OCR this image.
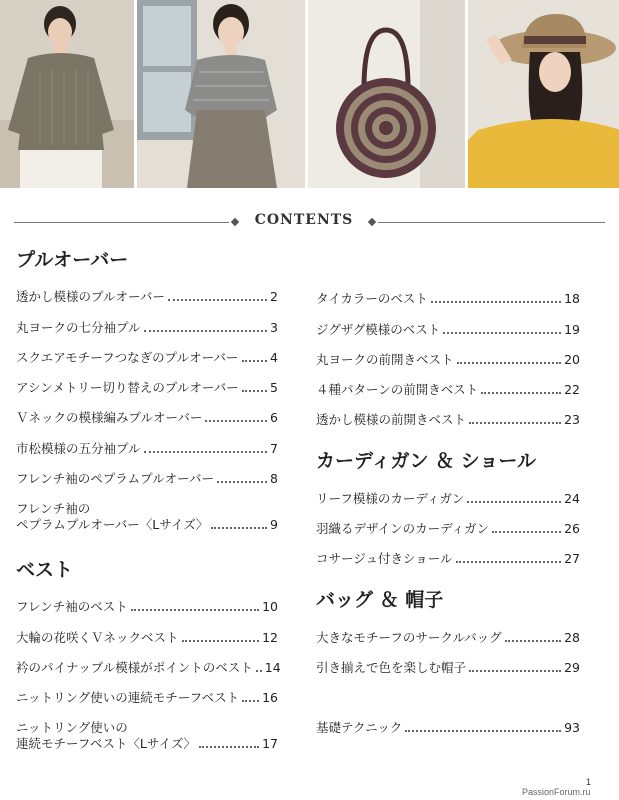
CONTENTS
プルオーバー
透かし模様のプルオーバー	2
丸ヨークの七分袖プル	3
スクエアモチーフつなぎのプルオーバー	4
アシンメトリー切り替えのプルオーバー	5
Ｖネックの模様編みプルオーバー	6
市松模様の五分袖プル	7
フレンチ袖のペプラムプルオーバー	8
フレンチ袖の
ペプラムプルオーバー〈Lサイズ〉	9
ベスト
フレンチ袖のベスト	10
大輪の花咲くＶネックベスト	12
衿のパイナップル模様がポイントのベスト 14
ニットリング使いの連続モチーフベスト 16
ニットリング使いの
連続モチーフベスト〈Lサイズ〉	17
タイカラーのベスト	18
ジグザグ模様のベスト	19
丸ヨークの前開きベスト	20
４種パターンの前開きベスト	22
透かし模様の前開きベスト	23
カーディガン ＆ ショール
リーフ模様のカーディガン	24
羽織るデザインのカーディガン	26
コサージュ付きショール	27
バッグ ＆ 帽子
大きなモチーフのサークルバッグ	28
引き揃えで色を楽しむ帽子	29
基礎テクニック	93
1
PassionForum.ru
